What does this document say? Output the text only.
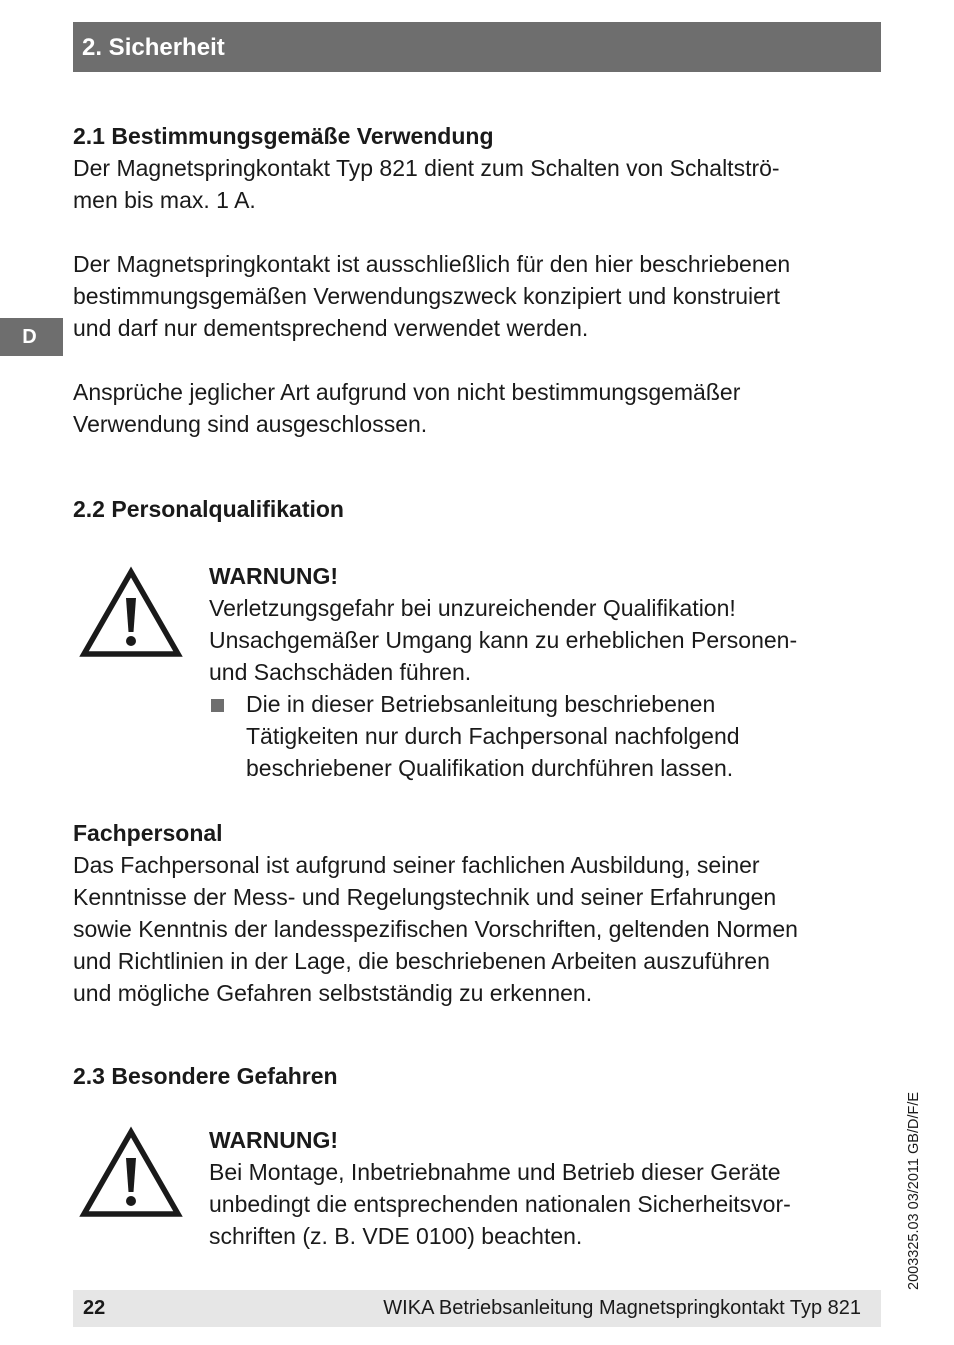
2. Sicherheit
D

2.1 Bestimmungsgemäße Verwendung

Der Magnetspringkontakt Typ 821 dient zum Schalten von Schaltströ-

men bis max. 1 A.

Der Magnetspringkontakt ist ausschließlich für den hier beschriebenen

bestimmungsgemäßen Verwendungszweck konzipiert und konstruiert

und darf nur dementsprechend verwendet werden.

Ansprüche jeglicher Art aufgrund von nicht bestimmungsgemäßer

Verwendung sind ausgeschlossen.

2.2 Personalqualifikation

WARNUNG!

Verletzungsgefahr bei unzureichender Qualifikation!

Unsachgemäßer Umgang kann zu erheblichen Personen-

und Sachschäden führen.

Die in dieser Betriebsanleitung beschriebenen

Tätigkeiten nur durch Fachpersonal nachfolgend

beschriebener Qualifikation durchführen lassen.

Fachpersonal

Das Fachpersonal ist aufgrund seiner fachlichen Ausbildung, seiner

Kenntnisse der Mess- und Regelungstechnik und seiner Erfahrungen

sowie Kenntnis der landesspezifischen Vorschriften, geltenden Normen

und Richtlinien in der Lage, die beschriebenen Arbeiten auszuführen

und mögliche Gefahren selbstständig zu erkennen.

2.3 Besondere Gefahren

WARNUNG!

Bei Montage, Inbetriebnahme und Betrieb dieser Geräte

unbedingt die entsprechenden nationalen Sicherheitsvor-

schriften (z. B. VDE 0100) beachten.	2003325.03 03/2011 GB/D/F/E
22	WIKA Betriebsanleitung Magnetspringkontakt Typ 821
